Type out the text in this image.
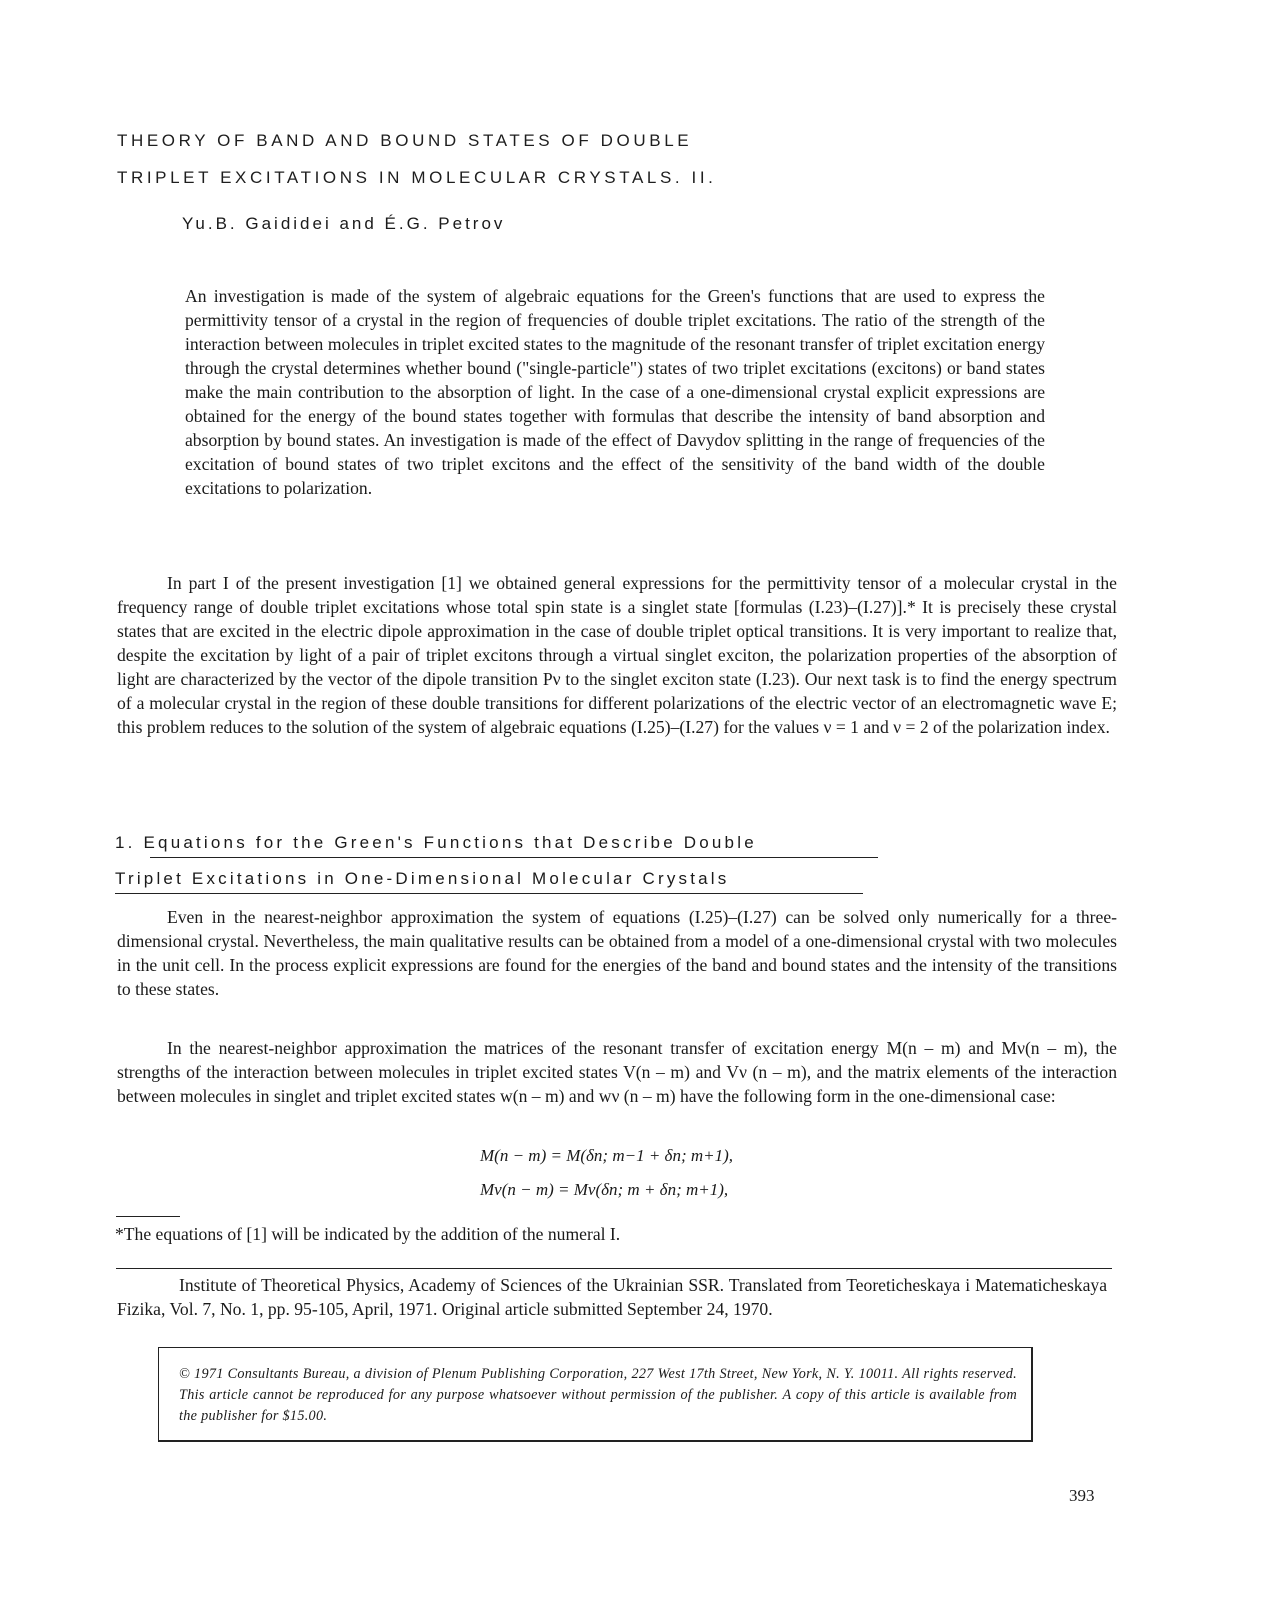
THEORY OF BAND AND BOUND STATES OF DOUBLE
TRIPLET EXCITATIONS IN MOLECULAR CRYSTALS. II.
Yu.B. Gaididei and É.G. Petrov
An investigation is made of the system of algebraic equations for the Green's functions that are used to express the permittivity tensor of a crystal in the region of frequencies of double triplet excitations. The ratio of the strength of the interaction between molecules in triplet excited states to the magnitude of the resonant transfer of triplet excitation energy through the crystal determines whether bound ("single-particle") states of two triplet excitations (excitons) or band states make the main contribution to the absorption of light. In the case of a one-dimensional crystal explicit expressions are obtained for the energy of the bound states together with formulas that describe the intensity of band absorption and absorption by bound states. An investigation is made of the effect of Davydov splitting in the range of frequencies of the excitation of bound states of two triplet excitons and the effect of the sensitivity of the band width of the double excitations to polarization.
In part I of the present investigation [1] we obtained general expressions for the permittivity tensor of a molecular crystal in the frequency range of double triplet excitations whose total spin state is a singlet state [formulas (I.23)–(I.27)].* It is precisely these crystal states that are excited in the electric dipole approximation in the case of double triplet optical transitions. It is very important to realize that, despite the excitation by light of a pair of triplet excitons through a virtual singlet exciton, the polarization properties of the absorption of light are characterized by the vector of the dipole transition Pν to the singlet exciton state (I.23). Our next task is to find the energy spectrum of a molecular crystal in the region of these double transitions for different polarizations of the electric vector of an electromagnetic wave E; this problem reduces to the solution of the system of algebraic equations (I.25)–(I.27) for the values ν = 1 and ν = 2 of the polarization index.
1. Equations for the Green's Functions that Describe Double
Triplet Excitations in One-Dimensional Molecular Crystals
Even in the nearest-neighbor approximation the system of equations (I.25)–(I.27) can be solved only numerically for a three-dimensional crystal. Nevertheless, the main qualitative results can be obtained from a model of a one-dimensional crystal with two molecules in the unit cell. In the process explicit expressions are found for the energies of the band and bound states and the intensity of the transitions to these states.
In the nearest-neighbor approximation the matrices of the resonant transfer of excitation energy M(n – m) and Mν(n – m), the strengths of the interaction between molecules in triplet excited states V(n – m) and Vν (n – m), and the matrix elements of the interaction between molecules in singlet and triplet excited states w(n – m) and wν (n – m) have the following form in the one-dimensional case:
M(n − m) = M(δn; m−1 + δn; m+1),
Mν(n − m) = Mν(δn; m + δn; m+1),
*The equations of [1] will be indicated by the addition of the numeral I.
Institute of Theoretical Physics, Academy of Sciences of the Ukrainian SSR. Translated from Teoreticheskaya i Matematicheskaya Fizika, Vol. 7, No. 1, pp. 95-105, April, 1971. Original article submitted September 24, 1970.
© 1971 Consultants Bureau, a division of Plenum Publishing Corporation, 227 West 17th Street, New York, N. Y. 10011. All rights reserved. This article cannot be reproduced for any purpose whatsoever without permission of the publisher. A copy of this article is available from the publisher for $15.00.
393
